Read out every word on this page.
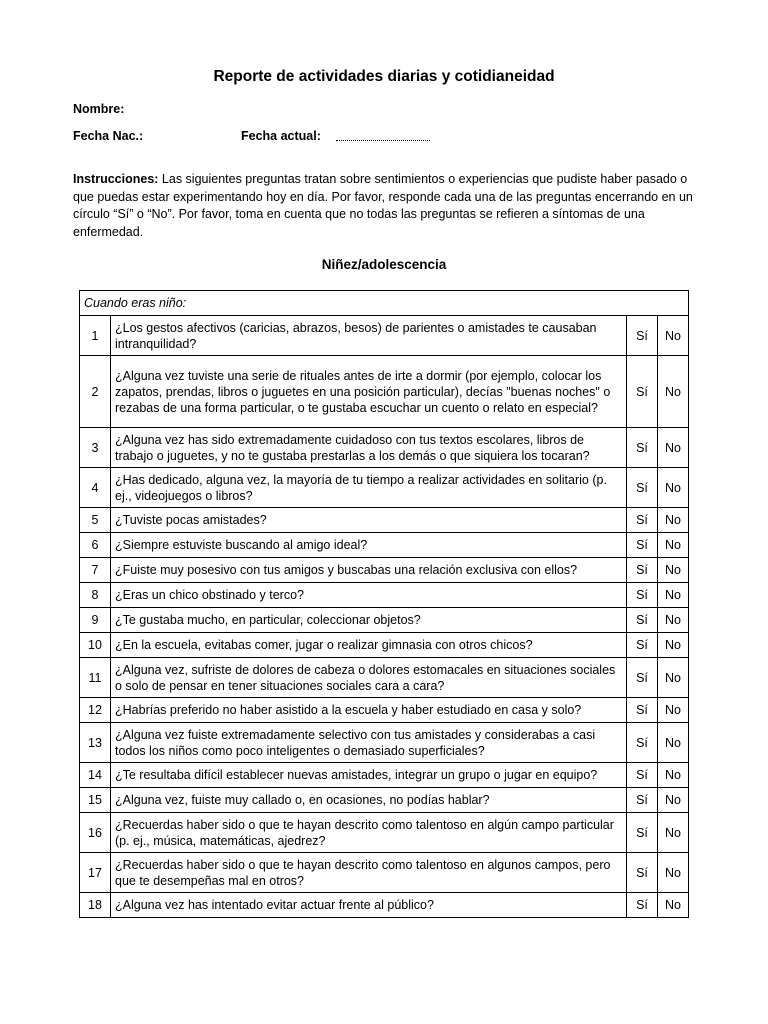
Reporte de actividades diarias y cotidianeidad
Nombre:
Fecha Nac.:	Fecha actual:
Instrucciones: Las siguientes preguntas tratan sobre sentimientos o experiencias que pudiste haber pasado o que puedas estar experimentando hoy en día. Por favor, responde cada una de las preguntas encerrando en un círculo “Sí” o “No”. Por favor, toma en cuenta que no todas las preguntas se refieren a síntomas de una enfermedad.
Niñez/adolescencia
Cuando eras niño:			
1	¿Los gestos afectivos (caricias, abrazos, besos) de parientes o amistades te causaban intranquilidad?	Sí	No
2	¿Alguna vez tuviste una serie de rituales antes de irte a dormir (por ejemplo, colocar los zapatos, prendas, libros o juguetes en una posición particular), decías "buenas noches" o rezabas de una forma particular, o te gustaba escuchar un cuento o relato en especial?	Sí	No
3	¿Alguna vez has sido extremadamente cuidadoso con tus textos escolares, libros de trabajo o juguetes, y no te gustaba prestarlas a los demás o que siquiera los tocaran?	Sí	No
4	¿Has dedicado, alguna vez, la mayoría de tu tiempo a realizar actividades en solitario (p. ej., videojuegos o libros?	Sí	No
5	¿Tuviste pocas amistades?	Sí	No
6	¿Siempre estuviste buscando al amigo ideal?	Sí	No
7	¿Fuiste muy posesivo con tus amigos y buscabas una relación exclusiva con ellos?	Sí	No
8	¿Eras un chico obstinado y terco?	Sí	No
9	¿Te gustaba mucho, en particular, coleccionar objetos?	Sí	No
10	¿En la escuela, evitabas comer, jugar o realizar gimnasia con otros chicos?	Sí	No
11	¿Alguna vez, sufriste de dolores de cabeza o dolores estomacales en situaciones sociales o solo de pensar en tener situaciones sociales cara a cara?	Sí	No
12	¿Habrías preferido no haber asistido a la escuela y haber estudiado en casa y solo?	Sí	No
13	¿Alguna vez fuiste extremadamente selectivo con tus amistades y considerabas a casi todos los niños como poco inteligentes o demasiado superficiales?	Sí	No
14	¿Te resultaba difícil establecer nuevas amistades, integrar un grupo o jugar en equipo?	Sí	No
15	¿Alguna vez, fuiste muy callado o, en ocasiones, no podías hablar?	Sí	No
16	¿Recuerdas haber sido o que te hayan descrito como talentoso en algún campo particular (p. ej., música, matemáticas, ajedrez?	Sí	No
17	¿Recuerdas haber sido o que te hayan descrito como talentoso en algunos campos, pero que te desempeñas mal en otros?	Sí	No
18	¿Alguna vez has intentado evitar actuar frente al público?	Sí	No
